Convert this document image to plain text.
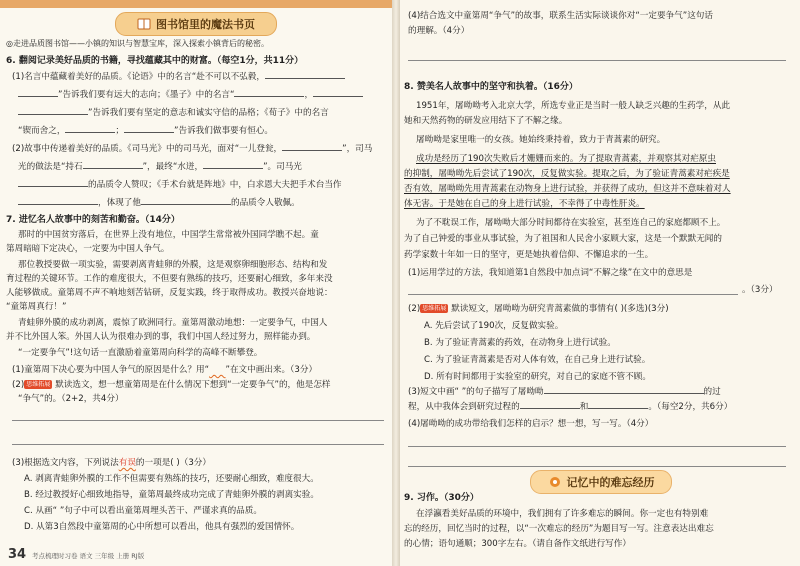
图书馆里的魔法书页
◎走进品质图书馆——小镇的知识与智慧宝库，深入探索小镇背后的秘密。
6. 翻阅记录美好品质的书籍，寻找蕴藏其中的财富。（每空1分，共11分）
(1)名言中蕴藏着美好的品质。《论语》中的名言“赴不可以不弘毅，
”告诉我们要有远大的志向；《墨子》中的名言“	，
”告诉我们要有坚定的意志和诚实守信的品格；《荀子》中的名言
“锲而舍之，	；	”告诉我们做事要有恒心。
(2)故事中传递着美好的品质。《司马光》中的司马光，面对“一儿登瓮，	”，司马
光的做法是“持石	”，最终“水迸，	”。司马光
的品质令人赞叹；《手术台就是阵地》中，白求恩大夫把手术台当作
，体现了他	的品质令人敬佩。
7. 进忆名人故事中的刻苦和勤奋。（14分）
那时的中国贫穷落后，在世界上没有地位，中国学生常常被外国同学瞧不起。童
第周暗暗下定决心，一定要为中国人争气。
那位教授要做一项实验，需要剥离青蛙卵的外膜，这是观察卵细胞形态、结构和发
育过程的关键环节。工作的难度很大，不但要有熟练的技巧，还要耐心细致，多年来没
人能够做成。童第周不声不响地刻苦钻研，反复实践，终于取得成功。教授兴奋地说：
“童第周真行！”
青蛙卵外膜的成功剥离，震惊了欧洲同行。童第周激动地想：一定要争气，中国人
并不比外国人笨。外国人认为很难办到的事，我们中国人经过努力，照样能办到。
“一定要争气”!这句话一直激励着童第周向科学的高峰不断攀登。
(1)童第周下决心要为中国人争气的原因是什么？用“ ”在文中画出来。（3分）
(2) 思维拓展 默读选文，想一想童第周是在什么情况下想到“一定要争气”的，他是怎样
“争气”的。（2+2，共4分）
(3)根据选文内容，下列说法有误的一项是( )（3分）
A. 剥离青蛙卵外膜的工作不但需要有熟练的技巧，还要耐心细致，难度很大。
B. 经过教授好心细致地指导，童第周最终成功完成了青蛙卵外膜的剥离实验。
C. 从画“ ”句子中可以看出童第周埋头苦干、严谨求真的品质。
D. 从第3自然段中童第周的心中所想可以看出，他具有强烈的爱国情怀。
34 考点梳理时习卷 语文 三年级 上册 RJ版
(4)结合选文中童第周“争气”的故事，联系生活实际谈谈你对“一定要争气”这句话
的理解。（4分）
8. 赞美名人故事中的坚守和执着。（16分）
1951年，屠呦呦考入北京大学，所选专业正是当时一般人缺乏兴趣的生药学，从此
她和天然药物的研发应用结下了不解之缘。
屠呦呦是家里唯一的女孩。她始终秉持着，致力于青蒿素的研究。
成功是经历了190次失败后才姗姗而来的。为了提取青蒿素，并观察其对疟原虫
的抑制，屠呦呦先后尝试了190次，反复做实验。提取之后，为了验证青蒿素对疟疾是
否有效，屠呦呦先用青蒿素在动物身上进行试验，并获得了成功，但这并不意味着对人
体无害。于是她在自己的身上进行试验，不幸得了中毒性肝炎。
为了不耽误工作，屠呦呦大部分时间都待在实验室，甚至连自己的家庭都顾不上。
为了自己钟爱的事业从事试验，为了祖国和人民舍小家顾大家，这是一个默默无闻的
药学家数十年如一日的坚守，更是她执着信仰、不懈追求的一生。
(1)运用学过的方法，我知道第1自然段中加点词“不解之缘”在文中的意思是
。（3分）
(2) 思维拓展 默读短文，屠呦呦为研究青蒿素做的事情有( )(多选)(3分)
A. 先后尝试了190次，反复做实验。
B. 为了验证青蒿素的药效，在动物身上进行试验。
C. 为了验证青蒿素是否对人体有效，在自己身上进行试验。
D. 所有时间都用于实验室的研究，对自己的家庭不管不顾。
(3)短文中画“ ”的句子描写了屠呦呦	的过
程，从中我体会到研究过程的	和	。（每空2分，共6分）
(4)屠呦呦的成功带给我们怎样的启示？想一想，写一写。（4分）
记忆中的难忘经历
9. 习作。（30分）
在浮瀛看美好品质的环境中，我们拥有了许多难忘的瞬间。你一定也有特别难
忘的经历，回忆当时的过程，以“一次难忘的经历”为题目写一写。注意表达出难忘
的心情；语句通顺；300字左右。（请自备作文纸进行写作）
